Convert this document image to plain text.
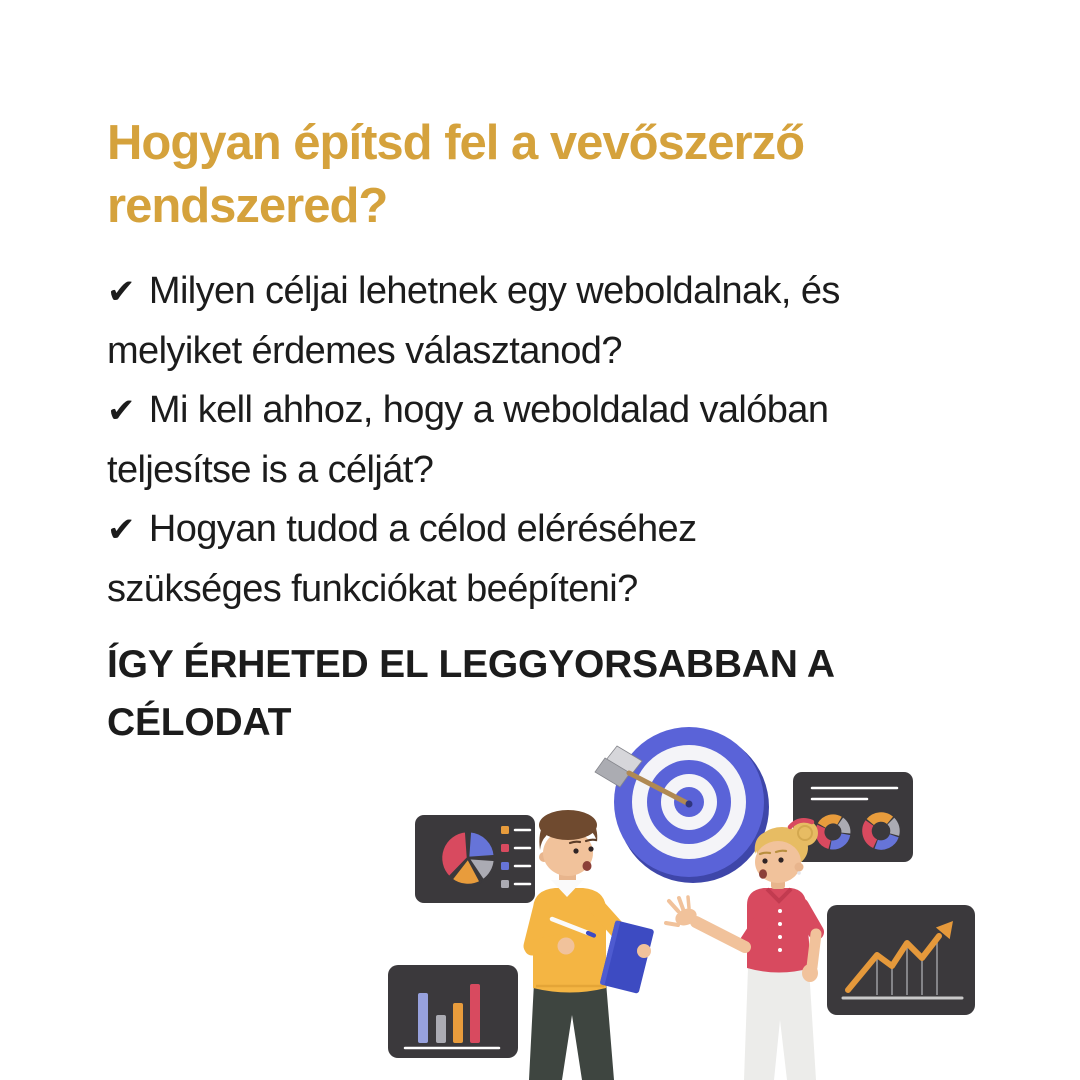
Hogyan építsd fel a vevőszerző
rendszered?
✔ Milyen céljai lehetnek egy weboldalnak, és
melyiket érdemes választanod?
✔ Mi kell ahhoz, hogy a weboldalad valóban
teljesítse is a célját?
✔ Hogyan tudod a célod eléréséhez
szükséges funkciókat beépíteni?
ÍGY ÉRHETED EL LEGGYORSABBAN A
CÉLODAT
